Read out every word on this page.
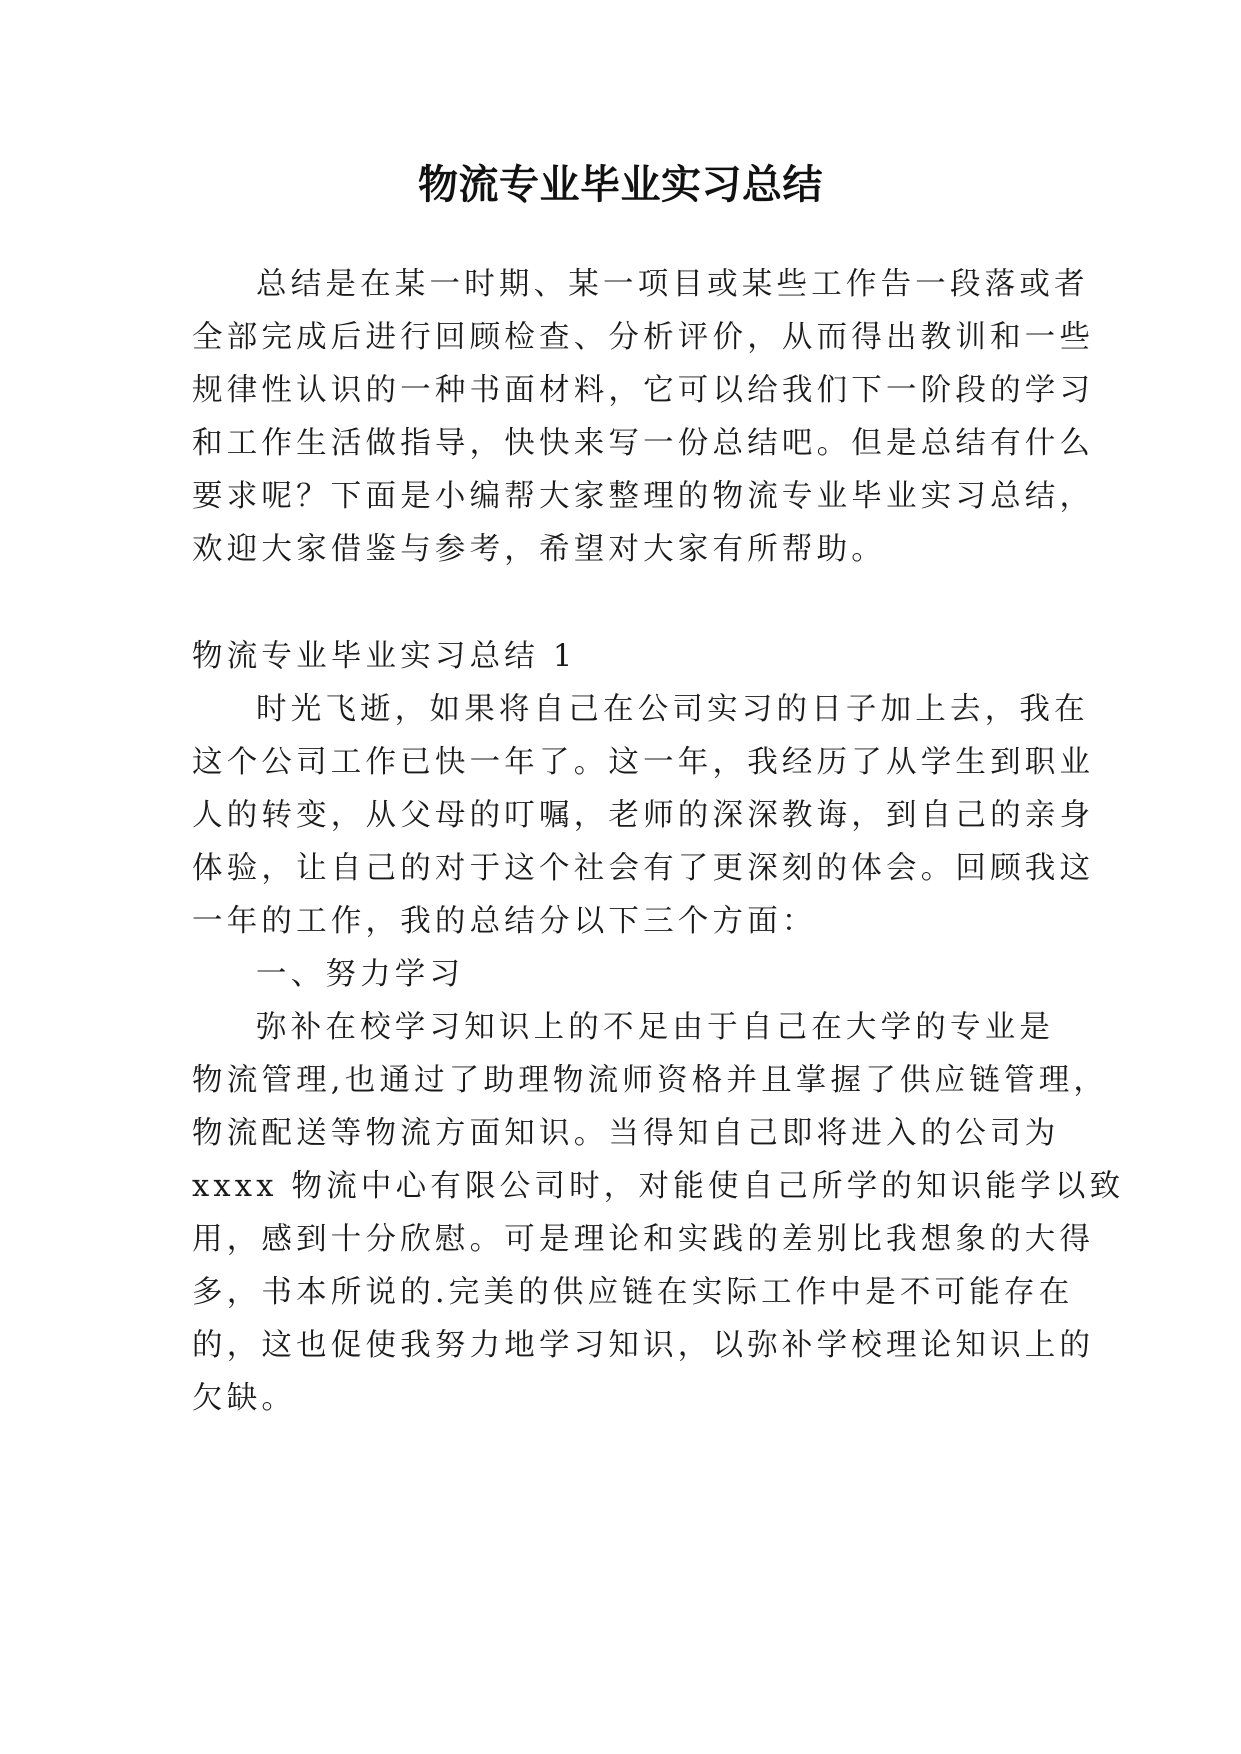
物流专业毕业实习总结
总结是在某一时期、某一项目或某些工作告一段落或者
全部完成后进行回顾检查、分析评价，从而得出教训和一些
规律性认识的一种书面材料，它可以给我们下一阶段的学习
和工作生活做指导，快快来写一份总结吧。但是总结有什么
要求呢？下面是小编帮大家整理的物流专业毕业实习总结，
欢迎大家借鉴与参考，希望对大家有所帮助。
物流专业毕业实习总结 1
时光飞逝，如果将自己在公司实习的日子加上去，我在
这个公司工作已快一年了。这一年，我经历了从学生到职业
人的转变，从父母的叮嘱，老师的深深教诲，到自己的亲身
体验，让自己的对于这个社会有了更深刻的体会。回顾我这
一年的工作，我的总结分以下三个方面：
一、努力学习
弥补在校学习知识上的不足由于自己在大学的专业是
物流管理,也通过了助理物流师资格并且掌握了供应链管理，
物流配送等物流方面知识。当得知自己即将进入的公司为
xxxx 物流中心有限公司时，对能使自己所学的知识能学以致
用，感到十分欣慰。可是理论和实践的差别比我想象的大得
多，书本所说的.完美的供应链在实际工作中是不可能存在
的，这也促使我努力地学习知识，以弥补学校理论知识上的
欠缺。
